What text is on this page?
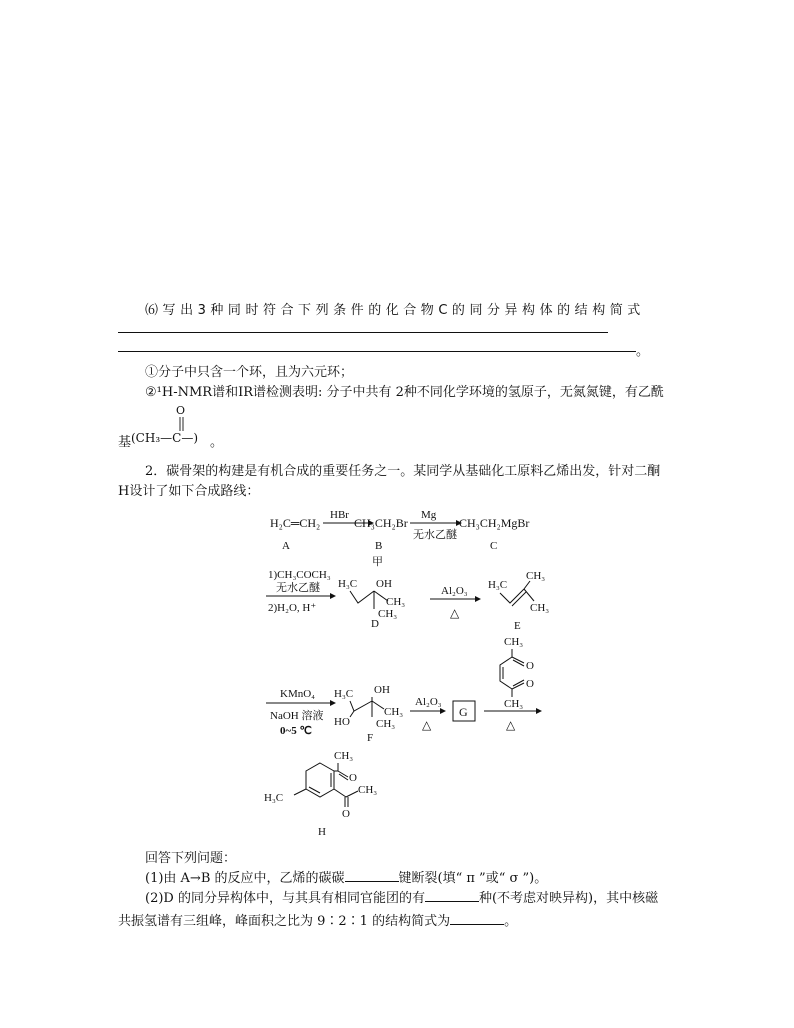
⑹ 写 出 3 种 同 时 符 合 下 列 条 件 的 化 合 物 C 的 同 分 异 构 体 的 结 构 简 式
。
①分子中只含一个环，且为六元环；
②¹H-NMR谱和IR谱检测表明: 分子中共有 2种不同化学环境的氢原子，无氮氮键，有乙酰
O
基 (CH₃—C—) 。
2．碳骨架的构建是有机合成的重要任务之一。某同学从基础化工原料乙烯出发，针对二酮
H设计了如下合成路线：
H₂C═CH₂
A
HBr
CH₃CH₂Br
B
甲
Mg
无水乙醚
CH₃CH₂MgBr
C
1)CH₃COCH₃
无水乙醚
2)H₂O, H⁺
H₃C OH
CH₃
CH₃
D
Al₂O₃
△
H₃C
CH₃
CH₃
E
KMnO₄
NaOH 溶液
0~5 ℃
H₃C OH
HO
CH₃
CH₃
F
Al₂O₃
△
G
CH₃
O
O
CH₃
△
CH₃
O
H₃C
CH₃
O
H
回答下列问题：
(1)由 A→B 的反应中，乙烯的碳碳	键断裂(填“ π ”或“ σ ”)。
(2)D 的同分异构体中，与其具有相同官能团的有	种(不考虑对映异构)，其中核磁
共振氢谱有三组峰，峰面积之比为 9∶2∶1 的结构简式为	。
